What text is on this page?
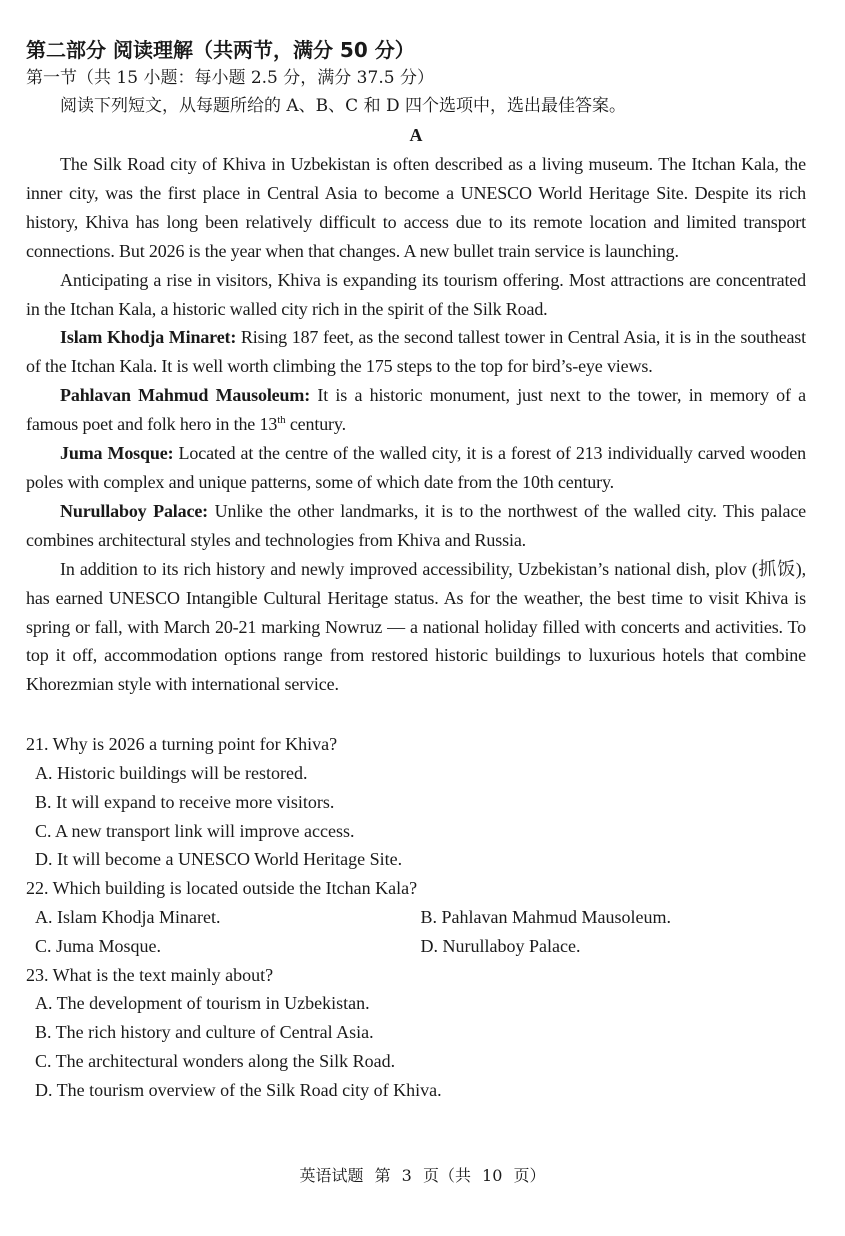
第二部分 阅读理解（共两节，满分 50 分）

第一节（共 15 小题：每小题 2.5 分，满分 37.5 分）

阅读下列短文，从每题所给的 A、B、C 和 D 四个选项中，选出最佳答案。

A

The Silk Road city of Khiva in Uzbekistan is often described as a living museum. The Itchan Kala, the inner city, was the first place in Central Asia to become a UNESCO World Heritage Site. Despite its rich history, Khiva has long been relatively difficult to access due to its remote location and limited transport connections. But 2026 is the year when that changes. A new bullet train service is launching.

Anticipating a rise in visitors, Khiva is expanding its tourism offering. Most attractions are concentrated in the Itchan Kala, a historic walled city rich in the spirit of the Silk Road.

Islam Khodja Minaret: Rising 187 feet, as the second tallest tower in Central Asia, it is in the southeast of the Itchan Kala. It is well worth climbing the 175 steps to the top for bird’s-eye views.

Pahlavan Mahmud Mausoleum: It is a historic monument, just next to the tower, in memory of a famous poet and folk hero in the 13th century.

Juma Mosque: Located at the centre of the walled city, it is a forest of 213 individually carved wooden poles with complex and unique patterns, some of which date from the 10th century.

Nurullaboy Palace: Unlike the other landmarks, it is to the northwest of the walled city. This palace combines architectural styles and technologies from Khiva and Russia.

In addition to its rich history and newly improved accessibility, Uzbekistan’s national dish, plov (抓饭), has earned UNESCO Intangible Cultural Heritage status. As for the weather, the best time to visit Khiva is spring or fall, with March 20-21 marking Nowruz — a national holiday filled with concerts and activities. To top it off, accommodation options range from restored historic buildings to luxurious hotels that combine Khorezmian style with international service.

21. Why is 2026 a turning point for Khiva?

A. Historic buildings will be restored.

B. It will expand to receive more visitors.

C. A new transport link will improve access.

D. It will become a UNESCO World Heritage Site.

22. Which building is located outside the Itchan Kala?

A. Islam Khodja Minaret.	B. Pahlavan Mahmud Mausoleum.

C. Juma Mosque.	D. Nurullaboy Palace.

23. What is the text mainly about?

A. The development of tourism in Uzbekistan.

B. The rich history and culture of Central Asia.

C. The architectural wonders along the Silk Road.

D. The tourism overview of the Silk Road city of Khiva.

英语试题 第 3 页（共 10 页）
